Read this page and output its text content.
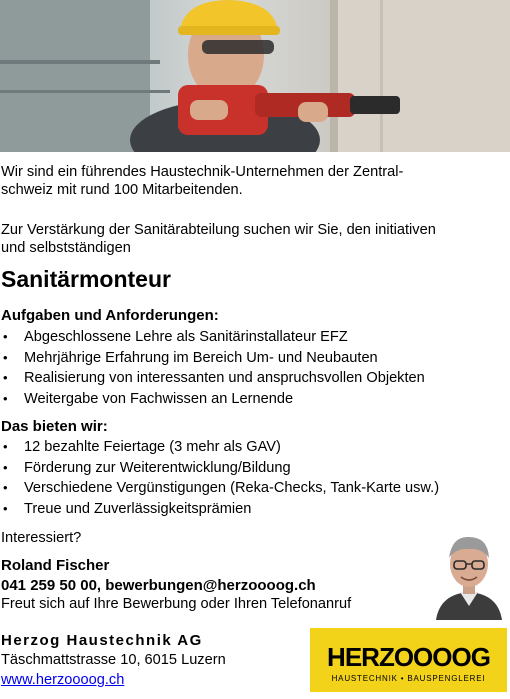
Wir sind ein führendes Haustechnik-Unternehmen der Zentral-
schweiz mit rund 100 Mitarbeitenden.
Zur Verstärkung der Sanitärabteilung suchen wir Sie, den initiativen
und selbstständigen
Sanitärmonteur
Aufgaben und Anforderungen:
• Abgeschlossene Lehre als Sanitärinstallateur EFZ
• Mehrjährige Erfahrung im Bereich Um- und Neubauten
• Realisierung von interessanten und anspruchsvollen Objekten
• Weitergabe von Fachwissen an Lernende
Das bieten wir:
• 12 bezahlte Feiertage (3 mehr als GAV)
• Förderung zur Weiterentwicklung/Bildung
• Verschiedene Vergünstigungen (Reka-Checks, Tank-Karte usw.)
• Treue und Zuverlässigkeitsprämien
Interessiert?
Roland Fischer
041 259 50 00, bewerbungen@herzoooog.ch
Freut sich auf Ihre Bewerbung oder Ihren Telefonanruf
Herzog Haustechnik AG
Täschmattstrasse 10, 6015 Luzern
www.herzoooog.ch
HERZOOOOG
HAUSTECHNIK • BAUSPENGLEREI
